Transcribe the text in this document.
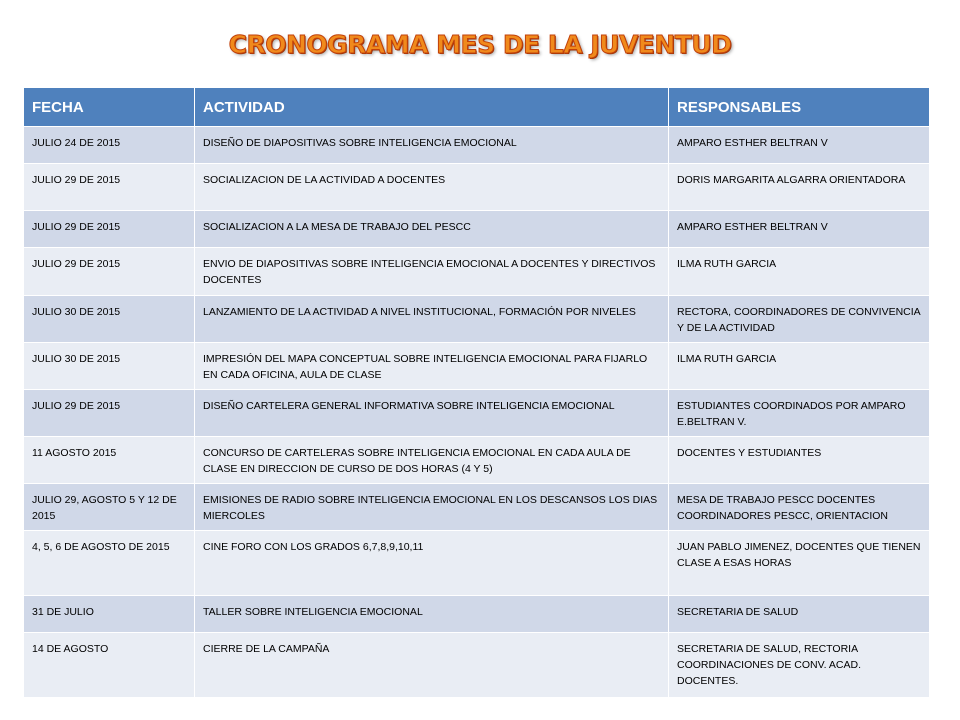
CRONOGRAMA MES DE LA JUVENTUD
FECHA	ACTIVIDAD	RESPONSABLES
JULIO 24 DE 2015	DISEÑO DE DIAPOSITIVAS SOBRE INTELIGENCIA EMOCIONAL	AMPARO ESTHER BELTRAN V
JULIO 29 DE 2015	SOCIALIZACION DE LA ACTIVIDAD A DOCENTES	DORIS MARGARITA ALGARRA ORIENTADORA
JULIO 29 DE 2015	SOCIALIZACION A LA MESA DE TRABAJO DEL PESCC	AMPARO ESTHER BELTRAN V
JULIO 29 DE 2015	ENVIO DE DIAPOSITIVAS SOBRE INTELIGENCIA EMOCIONAL A DOCENTES Y DIRECTIVOS DOCENTES	ILMA RUTH GARCIA
JULIO 30 DE 2015	LANZAMIENTO DE LA ACTIVIDAD A NIVEL INSTITUCIONAL, FORMACIÓN POR NIVELES	RECTORA, COORDINADORES DE CONVIVENCIA Y DE LA ACTIVIDAD
JULIO 30 DE 2015	IMPRESIÓN DEL MAPA CONCEPTUAL SOBRE INTELIGENCIA EMOCIONAL PARA FIJARLO EN CADA OFICINA, AULA DE CLASE	ILMA RUTH GARCIA
JULIO 29 DE 2015	DISEÑO CARTELERA GENERAL INFORMATIVA SOBRE INTELIGENCIA EMOCIONAL	ESTUDIANTES COORDINADOS POR AMPARO E.BELTRAN V.
11 AGOSTO 2015	CONCURSO DE CARTELERAS SOBRE INTELIGENCIA EMOCIONAL EN CADA AULA DE CLASE EN DIRECCION DE CURSO DE DOS HORAS (4 Y 5)	DOCENTES Y ESTUDIANTES
JULIO 29, AGOSTO 5 Y 12 DE 2015	EMISIONES DE RADIO SOBRE INTELIGENCIA EMOCIONAL EN LOS DESCANSOS LOS DIAS MIERCOLES	MESA DE TRABAJO PESCC DOCENTES COORDINADORES PESCC, ORIENTACION
4, 5, 6 DE AGOSTO DE 2015	CINE FORO CON LOS GRADOS 6,7,8,9,10,11	JUAN PABLO JIMENEZ, DOCENTES QUE TIENEN CLASE A ESAS HORAS
31 DE JULIO	TALLER SOBRE INTELIGENCIA EMOCIONAL	SECRETARIA DE SALUD
14 DE AGOSTO	CIERRE DE LA CAMPAÑA	SECRETARIA DE SALUD, RECTORIA COORDINACIONES DE CONV. ACAD. DOCENTES.
